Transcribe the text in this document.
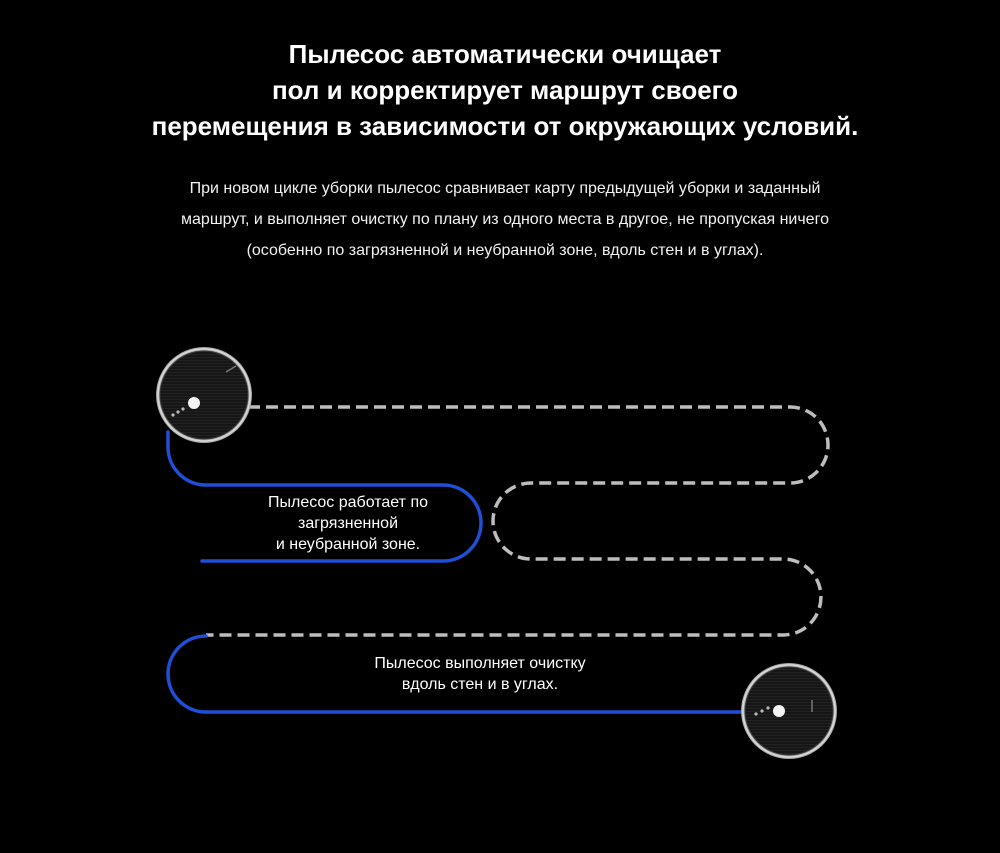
Пылесос автоматически очищает
пол и корректирует маршрут своего
перемещения в зависимости от окружающих условий.

При новом цикле уборки пылесос сравнивает карту предыдущей уборки и заданный
маршрут, и выполняет очистку по плану из одного места в другое, не пропуская ничего
(особенно по загрязненной и неубранной зоне, вдоль стен и в углах).

Пылесос работает по
загрязненной
и неубранной зоне.
Пылесос выполняет очистку
вдоль стен и в углах.
